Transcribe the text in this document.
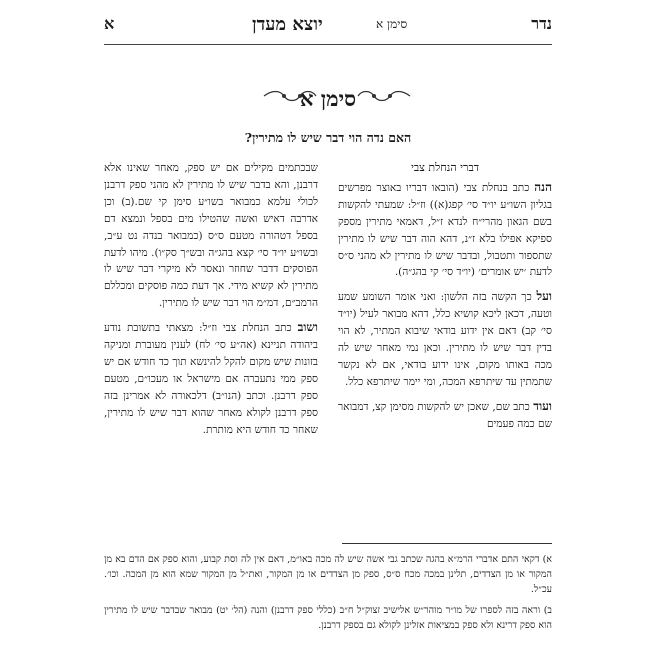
נדר
יוצא מעדן	סימן א
א
סימן א
האם נדה הוי דבר שיש לו מתירין?
דברי הנחלת צבי

הנה כתב בנחלת צבי (הובאו דבריו באוצר מפרשים בגליון השו״ע יו״ד סי׳ קפג(א)) וז״ל: שמעתי להקשות בשם הגאון מהרי״ח לנדא ז״ל, דאמאי מתירין מספק ספיקא אפילו בלא ז״נ, דהא הוה דבר שיש לו מתירין שתספור ותטבול, ובדבר שיש לו מתירין לא מהני ס״ס לדעת ׳יש אומרים׳ (יו״ד סי׳ קי בהג״ה).

ועל כך הקשה בזה הלשון: ואני אומר השומע שמע וטעה, דכאן ליכא קושיא כלל, דהא מבואר לעיל (יו״ד סי׳ קב) דאם אין ידוע בודאי שיבוא המתיר, לא הוי בדין דבר שיש לו מתירין. וכאן נמי מאחר שיש לה מכה באותו מקום, אינו ידוע בודאי, אם לא נקשר שתמתין עד שיתרפא המכה, ומי יימר שיתרפא כלל.

ועוד כתב שם, שאכן יש להקשות מסימן קצ, דמבואר שם כמה פעמים

שבכתמים מקילים אם יש ספק, מאחר שאינו אלא דרבנן, והא בדבר שיש לו מתירין לא מהני ספק דרבנן לכולי עלמא כמבואר בשו״ע סימן קי שם.(ב) וכן אדרבה דאיש ואשה שהטילו מים בספל ונמצא דם בספל דטהורה מטעם ס״ס (כמבואר בנדה נט ע״ב, ובשו״ע יו״ד סי׳ קצא בהג״ה ובש״ך סק״ו). מיהו לדעת הפוסקים דדבר שחוזר ונאסר לא מיקרי דבר שיש לו מתירין לא קשיא מידי. אך דעת כמה פוסקים ומכללם הרמב״ם, דמ״מ הוי דבר שיש לו מתירין.

ושוב כתב הנחלת צבי וז״ל: מצאתי בתשובת נודע ביהודה תניינא (אה״ע סי׳ לח) לענין מעוברת ומניקה בזונות שיש מקום להקל להינשא תוך כד חודש אם יש ספק ממי נתעברה אם מישראל או מעכו״ם, מטעם ספק דרבנן. וכתב (הנו״ב) דלכאורה לא אמרינן בזה ספק דרבנן לקולא מאחר שהוא דבר שיש לו מתירין, שאחר כד חודש היא מותרת.

א) דקאי התם אדברי הרמ״א בהגה שכתב גבי אשה שיש לה מכה באו״מ, דאם אין לה וסת קבוע, והוא ספק אם הדם בא מן המקור או מן הצדדים, תלינן במכה מכח ס״ס, ספק מן הצדדים או מן המקור, ואת״ל מן המקור שמא הוא מן המכה. וכו׳. עכ״ל.

ב) וראה בזה לספרו של מו״ר מוהר״ש אלישיב זצוק״ל ח״ב (כללי ספק דרבנן) והנה (הל׳ יט) מבואר שבדבר שיש לו מתירין הוא ספק דרינא ולא ספק במציאות אזלינן לקולא גם בספק דרבנן.
